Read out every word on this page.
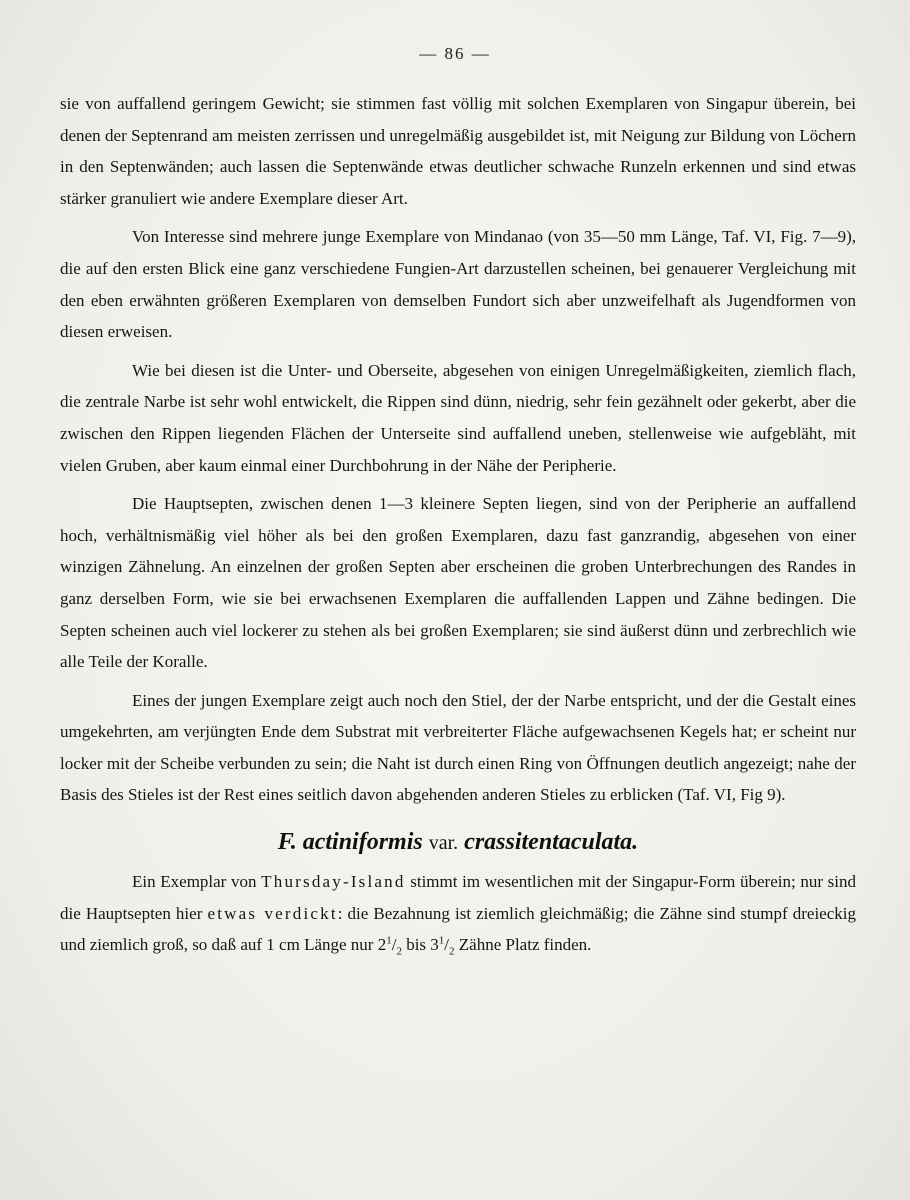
— 86 —

sie von auffallend geringem Gewicht; sie stimmen fast völlig mit solchen Exemplaren von Singapur überein, bei denen der Septenrand am meisten zerrissen und unregelmäßig ausgebildet ist, mit Neigung zur Bildung von Löchern in den Septenwänden; auch lassen die Septenwände etwas deutlicher schwache Runzeln erkennen und sind etwas stärker granuliert wie andere Exemplare dieser Art.

Von Interesse sind mehrere junge Exemplare von Mindanao (von 35—50 mm Länge, Taf. VI, Fig. 7—9), die auf den ersten Blick eine ganz verschiedene Fungien-Art darzustellen scheinen, bei genauerer Vergleichung mit den eben erwähnten größeren Exemplaren von demselben Fundort sich aber unzweifelhaft als Jugendformen von diesen erweisen.

Wie bei diesen ist die Unter- und Oberseite, abgesehen von einigen Unregelmäßigkeiten, ziemlich flach, die zentrale Narbe ist sehr wohl entwickelt, die Rippen sind dünn, niedrig, sehr fein gezähnelt oder gekerbt, aber die zwischen den Rippen liegenden Flächen der Unterseite sind auffallend uneben, stellenweise wie aufgebläht, mit vielen Gruben, aber kaum einmal einer Durchbohrung in der Nähe der Peripherie.

Die Hauptsepten, zwischen denen 1—3 kleinere Septen liegen, sind von der Peripherie an auffallend hoch, verhältnismäßig viel höher als bei den großen Exemplaren, dazu fast ganzrandig, abgesehen von einer winzigen Zähnelung. An einzelnen der großen Septen aber erscheinen die groben Unterbrechungen des Randes in ganz derselben Form, wie sie bei erwachsenen Exemplaren die auffallenden Lappen und Zähne bedingen. Die Septen scheinen auch viel lockerer zu stehen als bei großen Exemplaren; sie sind äußerst dünn und zerbrechlich wie alle Teile der Koralle.

Eines der jungen Exemplare zeigt auch noch den Stiel, der der Narbe entspricht, und der die Gestalt eines umgekehrten, am verjüngten Ende dem Substrat mit verbreiterter Fläche aufgewachsenen Kegels hat; er scheint nur locker mit der Scheibe verbunden zu sein; die Naht ist durch einen Ring von Öffnungen deutlich angezeigt; nahe der Basis des Stieles ist der Rest eines seitlich davon abgehenden anderen Stieles zu erblicken (Taf. VI, Fig 9).

F. actiniformis var. crassitentaculata.

Ein Exemplar von Thursday-Island stimmt im wesentlichen mit der Singapur-Form überein; nur sind die Hauptsepten hier etwas verdickt: die Bezahnung ist ziemlich gleichmäßig; die Zähne sind stumpf dreieckig und ziemlich groß, so daß auf 1 cm Länge nur $2^1/_2$ bis $3^1/_2$ Zähne Platz finden.
